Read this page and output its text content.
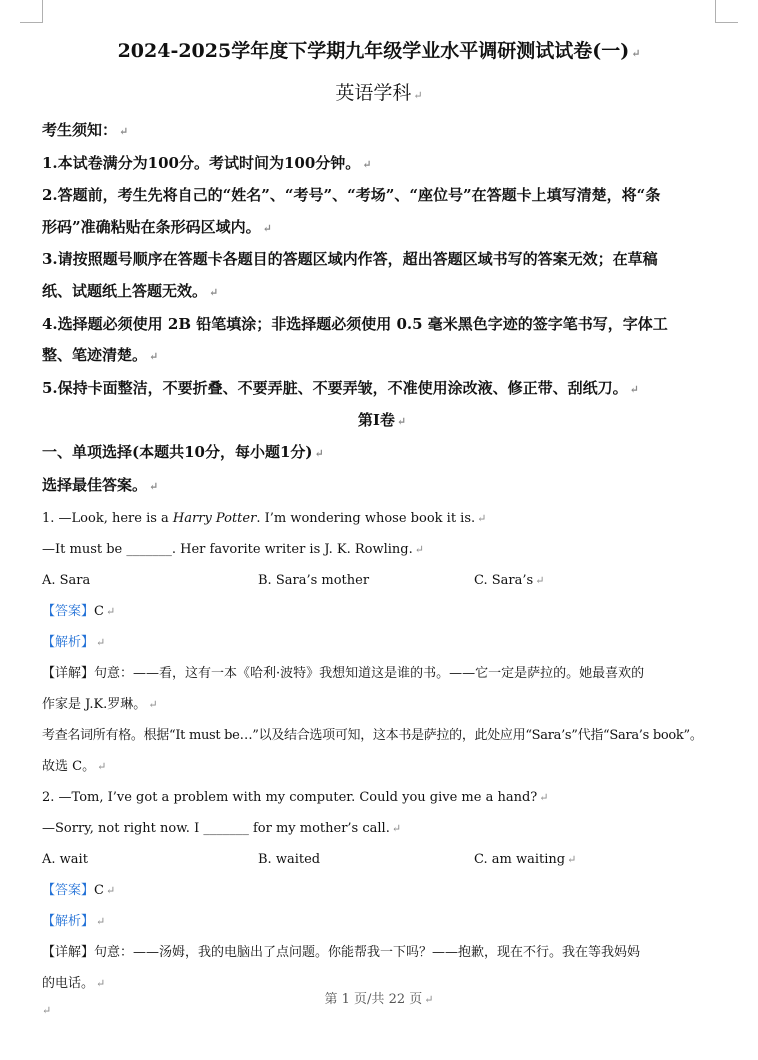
2024-2025学年度下学期九年级学业水平调研测试试卷(一) ↵
英语学科 ↵

考生须知： ↵

1.本试卷满分为100分。考试时间为100分钟。 ↵

2.答题前，考生先将自己的“姓名”、“考号”、“考场”、“座位号”在答题卡上填写清楚，将“条

形码”准确粘贴在条形码区域内。 ↵

3.请按照题号顺序在答题卡各题目的答题区域内作答，超出答题区域书写的答案无效；在草稿

纸、试题纸上答题无效。 ↵

4.选择题必须使用 2B 铅笔填涂；非选择题必须使用 0.5 毫米黑色字迹的签字笔书写，字体工

整、笔迹清楚。 ↵

5.保持卡面整洁，不要折叠、不要弄脏、不要弄皱，不准使用涂改液、修正带、刮纸刀。 ↵

第Ⅰ卷 ↵

一、单项选择(本题共10分，每小题1分) ↵

选择最佳答案。 ↵

1. —Look, here is a Harry Potter. I’m wondering whose book it is. ↵

—It must be _______. Her favorite writer is J. K. Rowling. ↵

A. Sara	B. Sara’s mother	C. Sara’s ↵

【答案】C ↵

【解析】 ↵

【详解】句意：——看，这有一本《哈利·波特》我想知道这是谁的书。——它一定是萨拉的。她最喜欢的

作家是 J.K.罗琳。 ↵

考查名词所有格。根据“It must be…”以及结合选项可知，这本书是萨拉的，此处应用“Sara’s”代指“Sara’s book”。

故选 C。 ↵

2. —Tom, I’ve got a problem with my computer. Could you give me a hand? ↵

—Sorry, not right now. I _______ for my mother’s call. ↵

A. wait	B. waited	C. am waiting ↵

【答案】C ↵

【解析】 ↵

【详解】句意：——汤姆，我的电脑出了点问题。你能帮我一下吗？——抱歉，现在不行。我在等我妈妈

的电话。 ↵

第 1 页/共 22 页 ↵
↵
